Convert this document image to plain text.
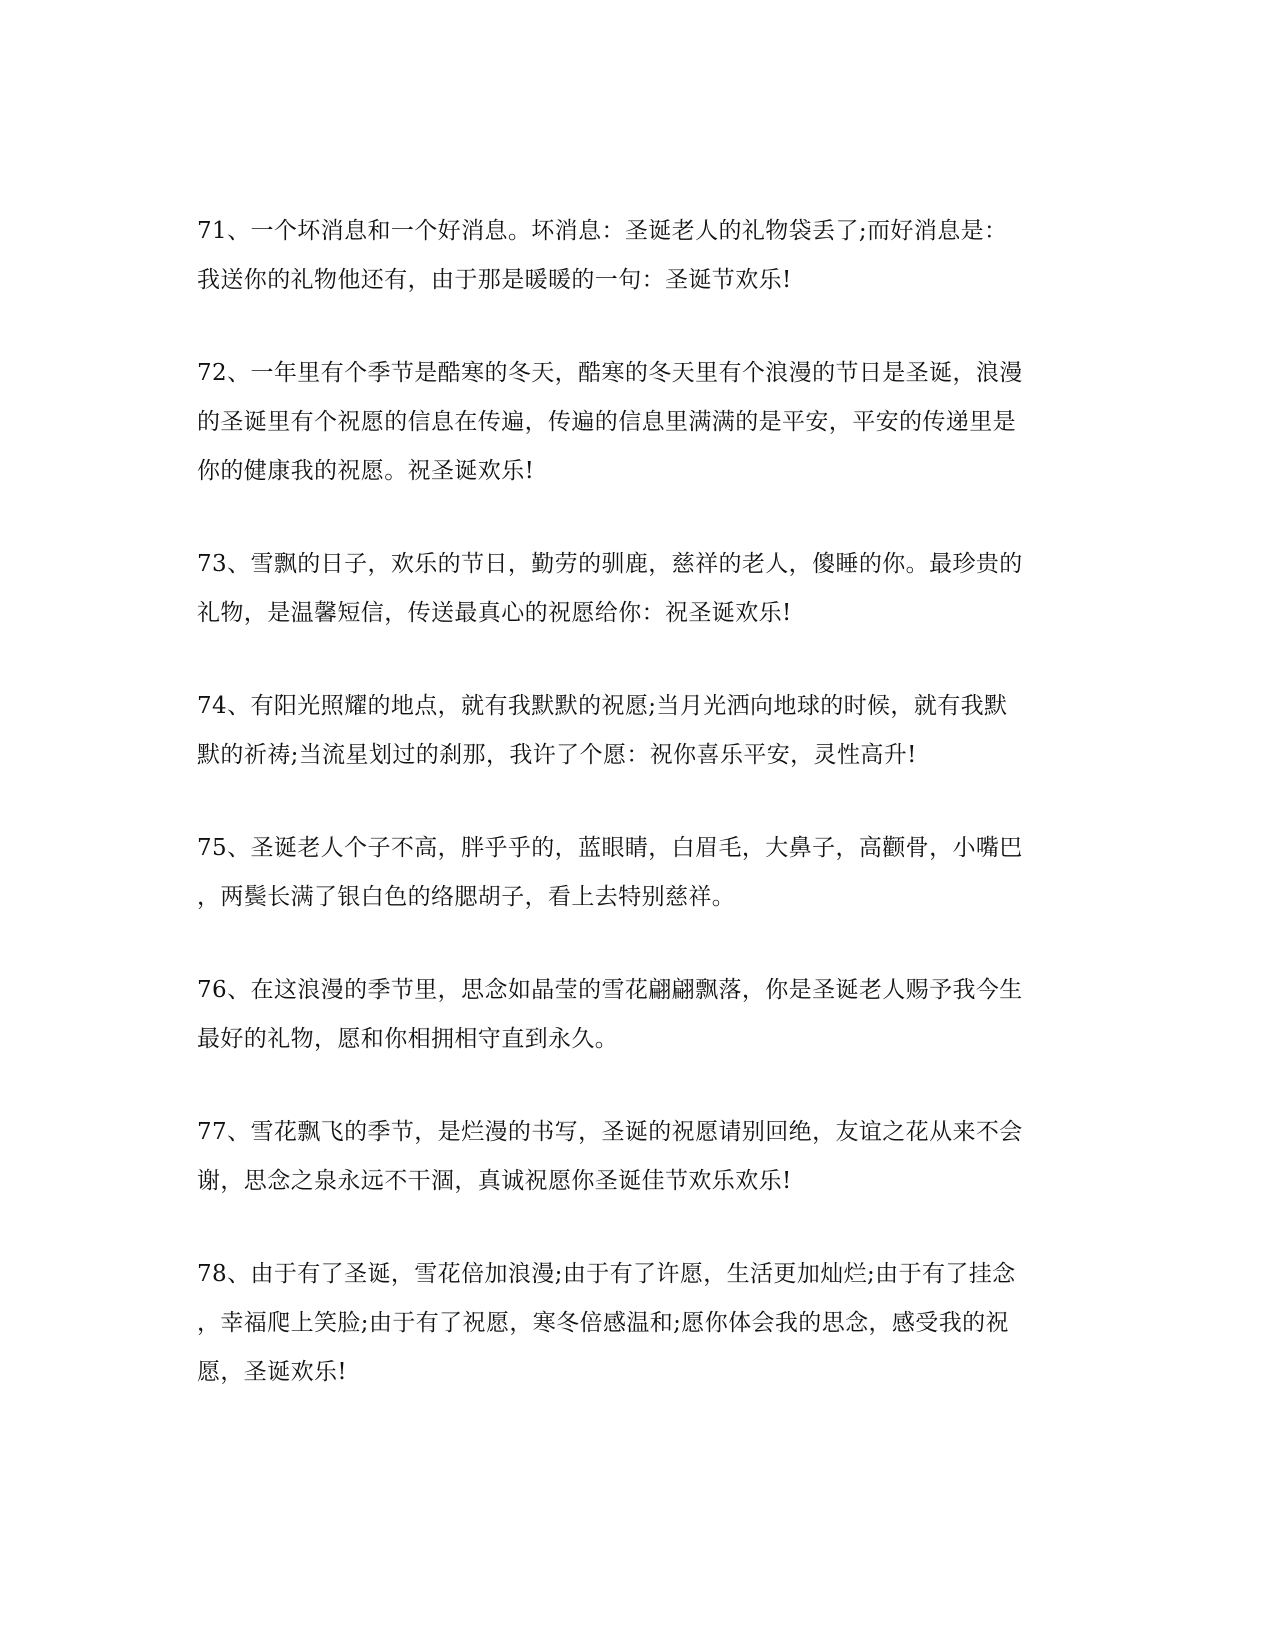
71、一个坏消息和一个好消息。坏消息：圣诞老人的礼物袋丢了;而好消息是：
我送你的礼物他还有，由于那是暖暖的一句：圣诞节欢乐!
72、一年里有个季节是酷寒的冬天，酷寒的冬天里有个浪漫的节日是圣诞，浪漫
的圣诞里有个祝愿的信息在传遍，传遍的信息里满满的是平安，平安的传递里是
你的健康我的祝愿。祝圣诞欢乐!
73、雪飘的日子，欢乐的节日，勤劳的驯鹿，慈祥的老人，傻睡的你。最珍贵的
礼物，是温馨短信，传送最真心的祝愿给你：祝圣诞欢乐!
74、有阳光照耀的地点，就有我默默的祝愿;当月光洒向地球的时候，就有我默
默的祈祷;当流星划过的刹那，我许了个愿：祝你喜乐平安，灵性高升!
75、圣诞老人个子不高，胖乎乎的，蓝眼睛，白眉毛，大鼻子，高颧骨，小嘴巴
，两鬓长满了银白色的络腮胡子，看上去特别慈祥。
76、在这浪漫的季节里，思念如晶莹的雪花翩翩飘落，你是圣诞老人赐予我今生
最好的礼物，愿和你相拥相守直到永久。
77、雪花飘飞的季节，是烂漫的书写，圣诞的祝愿请别回绝，友谊之花从来不会
谢，思念之泉永远不干涸，真诚祝愿你圣诞佳节欢乐欢乐!
78、由于有了圣诞，雪花倍加浪漫;由于有了许愿，生活更加灿烂;由于有了挂念
，幸福爬上笑脸;由于有了祝愿，寒冬倍感温和;愿你体会我的思念，感受我的祝
愿，圣诞欢乐!
